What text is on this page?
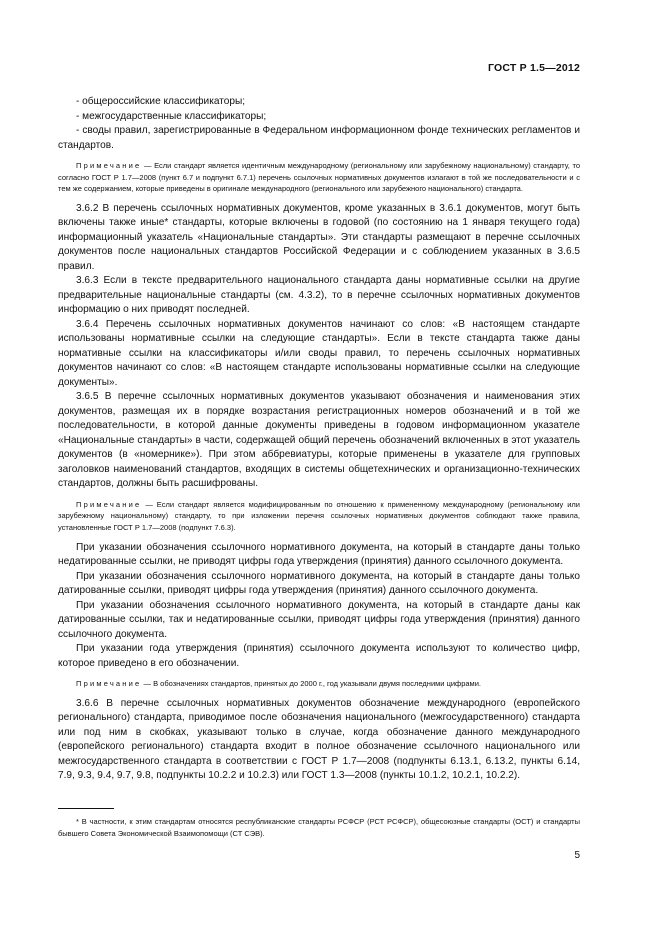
ГОСТ Р 1.5—2012

- общероссийские классификаторы;

- межгосударственные классификаторы;

- своды правил, зарегистрированные в Федеральном информационном фонде технических регламентов и стандартов.

Примечание — Если стандарт является идентичным международному (региональному или зарубежному национальному) стандарту, то согласно ГОСТ Р 1.7—2008 (пункт 6.7 и подпункт 6.7.1) перечень ссылочных нормативных документов излагают в той же последовательности и с тем же содержанием, которые приведены в оригинале международного (регионального или зарубежного национального) стандарта.

3.6.2 В перечень ссылочных нормативных документов, кроме указанных в 3.6.1 документов, могут быть включены также иные* стандарты, которые включены в годовой (по состоянию на 1 января текущего года) информационный указатель «Национальные стандарты». Эти стандарты размещают в перечне ссылочных документов после национальных стандартов Российской Федерации и с соблюдением указанных в 3.6.5 правил.

3.6.3 Если в тексте предварительного национального стандарта даны нормативные ссылки на другие предварительные национальные стандарты (см. 4.3.2), то в перечне ссылочных нормативных документов информацию о них приводят последней.

3.6.4 Перечень ссылочных нормативных документов начинают со слов: «В настоящем стандарте использованы нормативные ссылки на следующие стандарты». Если в тексте стандарта также даны нормативные ссылки на классификаторы и/или своды правил, то перечень ссылочных нормативных документов начинают со слов: «В настоящем стандарте использованы нормативные ссылки на следующие документы».

3.6.5 В перечне ссылочных нормативных документов указывают обозначения и наименования этих документов, размещая их в порядке возрастания регистрационных номеров обозначений и в той же последовательности, в которой данные документы приведены в годовом информационном указателе «Национальные стандарты» в части, содержащей общий перечень обозначений включенных в этот указатель документов (в «номернике»). При этом аббревиатуры, которые применены в указателе для групповых заголовков наименований стандартов, входящих в системы общетехнических и организационно-технических стандартов, должны быть расшифрованы.

Примечание — Если стандарт является модифицированным по отношению к примененному международному (региональному или зарубежному национальному) стандарту, то при изложении перечня ссылочных нормативных документов соблюдают также правила, установленные ГОСТ Р 1.7—2008 (подпункт 7.6.3).

При указании обозначения ссылочного нормативного документа, на который в стандарте даны только недатированные ссылки, не приводят цифры года утверждения (принятия) данного ссылочного документа.

При указании обозначения ссылочного нормативного документа, на который в стандарте даны только датированные ссылки, приводят цифры года утверждения (принятия) данного ссылочного документа.

При указании обозначения ссылочного нормативного документа, на который в стандарте даны как датированные ссылки, так и недатированные ссылки, приводят цифры года утверждения (принятия) данного ссылочного документа.

При указании года утверждения (принятия) ссылочного документа используют то количество цифр, которое приведено в его обозначении.

Примечание — В обозначениях стандартов, принятых до 2000 г., год указывали двумя последними цифрами.

3.6.6 В перечне ссылочных нормативных документов обозначение международного (европейского регионального) стандарта, приводимое после обозначения национального (межгосударственного) стандарта или под ним в скобках, указывают только в случае, когда обозначение данного международного (европейского регионального) стандарта входит в полное обозначение ссылочного национального или межгосударственного стандарта в соответствии с ГОСТ Р 1.7—2008 (подпункты 6.13.1, 6.13.2, пункты 6.14, 7.9, 9.3, 9.4, 9.7, 9.8, подпункты 10.2.2 и 10.2.3) или ГОСТ 1.3—2008 (пункты 10.1.2, 10.2.1, 10.2.2).

* В частности, к этим стандартам относятся республиканские стандарты РСФСР (РСТ РСФСР), общесоюзные стандарты (ОСТ) и стандарты бывшего Совета Экономической Взаимопомощи (СТ СЭВ).

5
